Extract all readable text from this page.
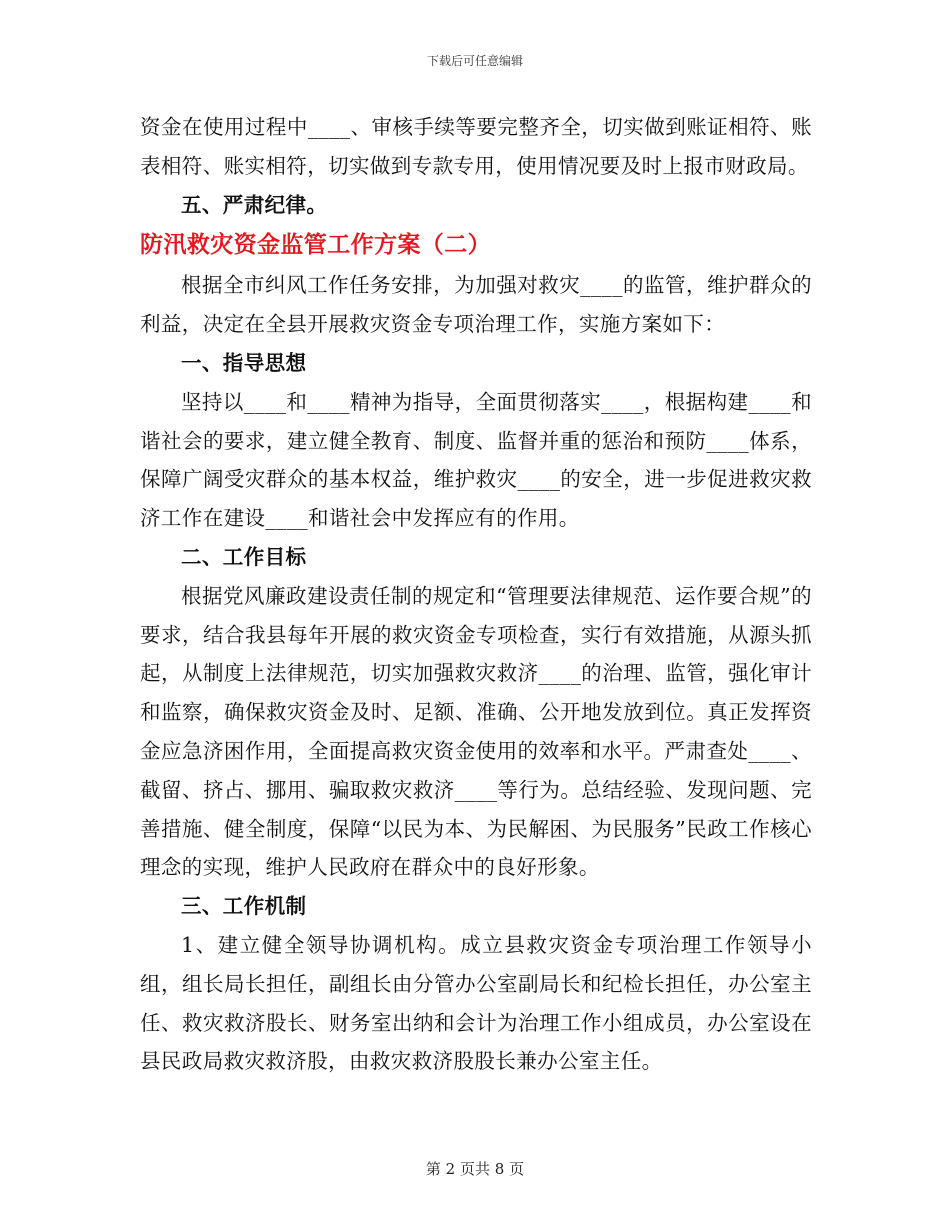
下载后可任意编辑

资金在使用过程中____、审核手续等要完整齐全，切实做到账证相符、账表相符、账实相符，切实做到专款专用，使用情况要及时上报市财政局。

五、严肃纪律。

防汛救灾资金监管工作方案（二）

根据全市纠风工作任务安排，为加强对救灾____的监管，维护群众的利益，决定在全县开展救灾资金专项治理工作，实施方案如下：

一、指导思想

坚持以____和____精神为指导，全面贯彻落实____，根据构建____和谐社会的要求，建立健全教育、制度、监督并重的惩治和预防____体系，保障广阔受灾群众的基本权益，维护救灾____的安全，进一步促进救灾救济工作在建设____和谐社会中发挥应有的作用。

二、工作目标

根据党风廉政建设责任制的规定和“管理要法律规范、运作要合规”的要求，结合我县每年开展的救灾资金专项检查，实行有效措施，从源头抓起，从制度上法律规范，切实加强救灾救济____的治理、监管，强化审计和监察，确保救灾资金及时、足额、准确、公开地发放到位。真正发挥资金应急济困作用，全面提高救灾资金使用的效率和水平。严肃查处____、截留、挤占、挪用、骗取救灾救济____等行为。总结经验、发现问题、完善措施、健全制度，保障“以民为本、为民解困、为民服务”民政工作核心理念的实现，维护人民政府在群众中的良好形象。

三、工作机制

1、建立健全领导协调机构。成立县救灾资金专项治理工作领导小组，组长局长担任，副组长由分管办公室副局长和纪检长担任，办公室主任、救灾救济股长、财务室出纳和会计为治理工作小组成员，办公室设在县民政局救灾救济股，由救灾救济股股长兼办公室主任。

第 2 页共 8 页
